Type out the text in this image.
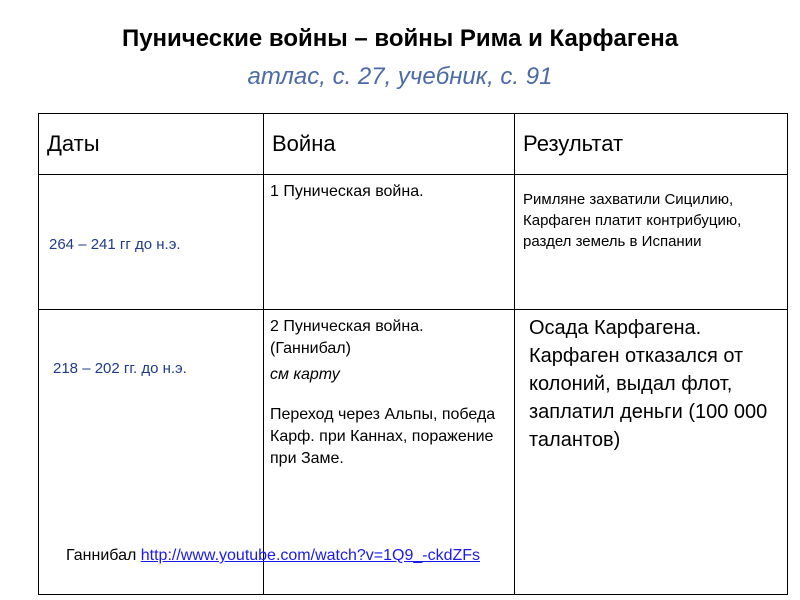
Пунические войны – войны Рима и Карфагена
атлас, с. 27, учебник, с. 91
Даты	Война	Результат
264 – 241 гг до н.э.	1 Пуническая война.	Римляне захватили Сицилию, Карфаген платит контрибуцию, раздел земель в Испании
218 – 202 гг. до н.э.	2 Пуническая война. (Ганнибал)
см карту
Переход через Альпы, победа Карф. при Каннах, поражение при Заме.	Осада Карфагена. Карфаген отказался от колоний, выдал флот, заплатил деньги (100 000 талантов)
Ганнибал http://www.youtube.com/watch?v=1Q9_-ckdZFs
